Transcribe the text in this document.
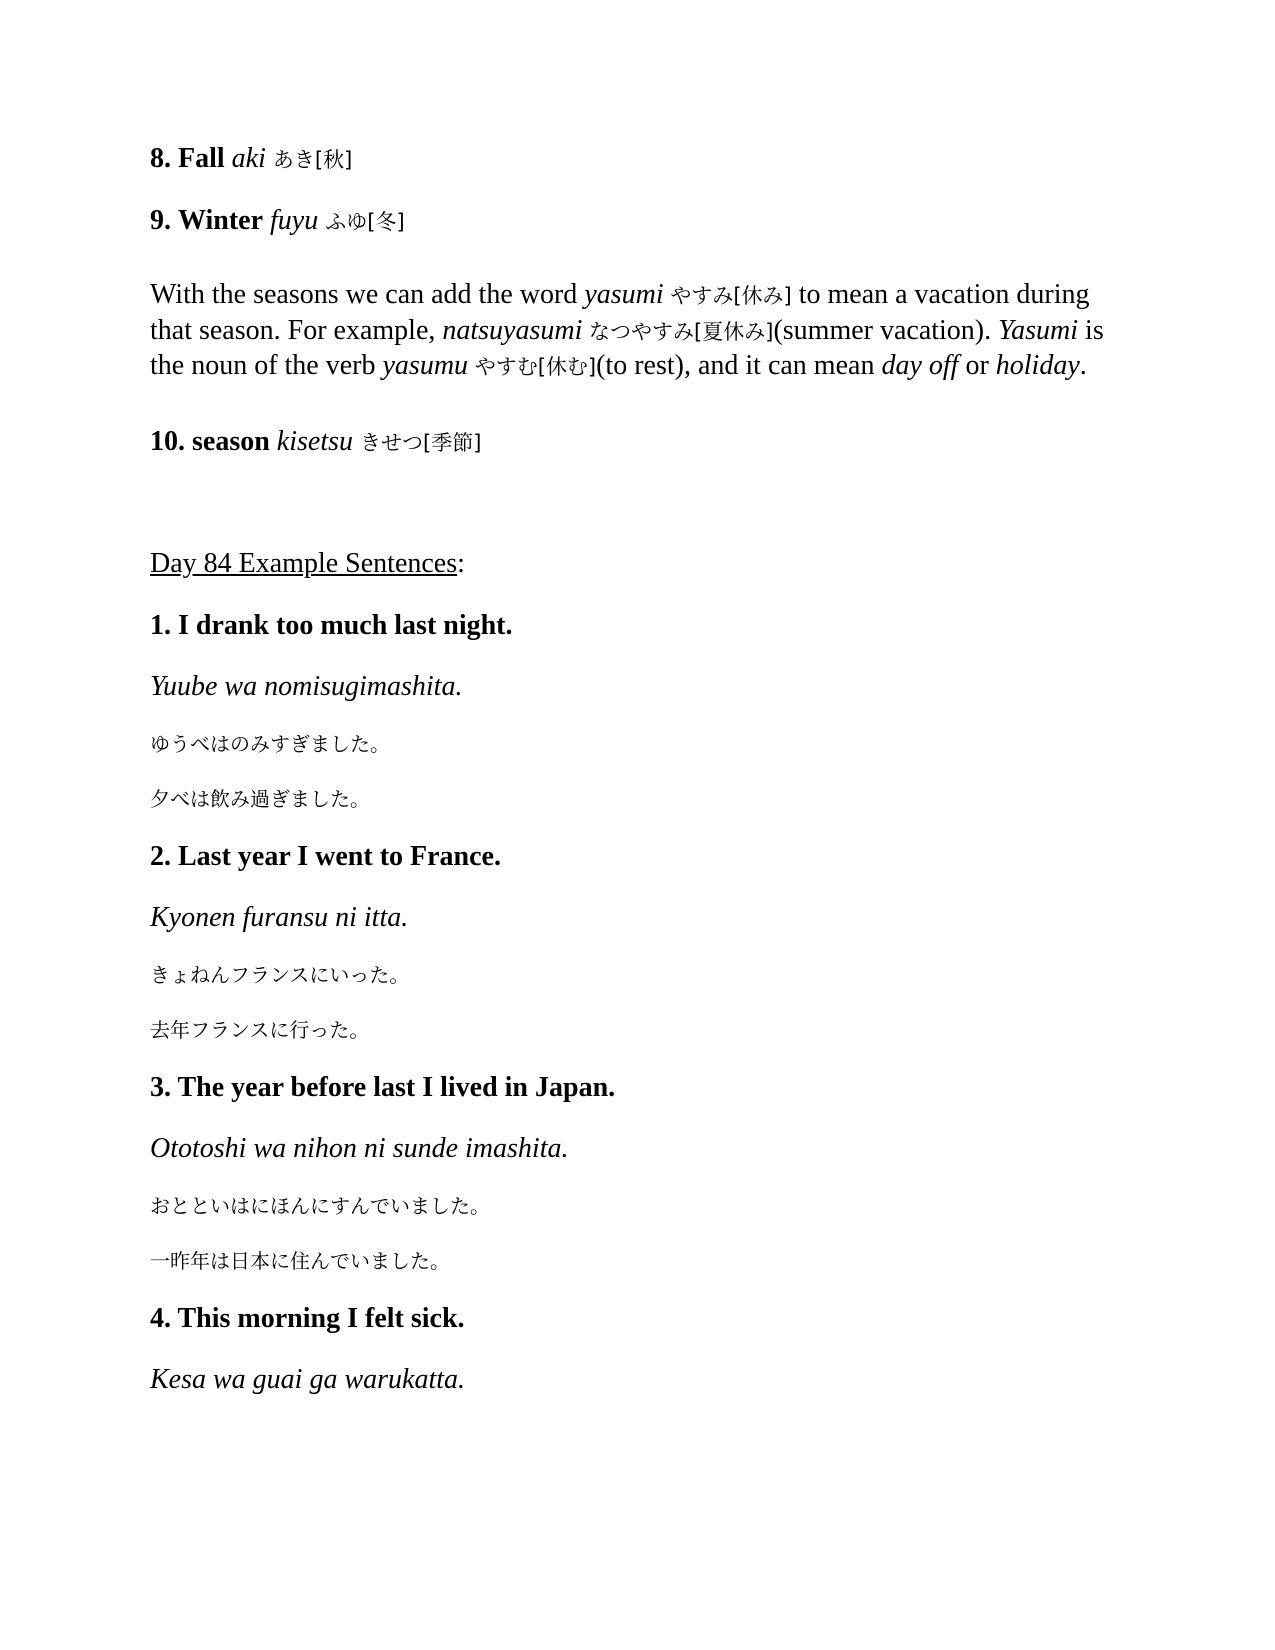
8. Fall aki あき[秋]

9. Winter fuyu ふゆ[冬]

With the seasons we can add the word yasumi やすみ[休み] to mean a vacation during that season. For example, natsuyasumi なつやすみ[夏休み](summer vacation). Yasumi is the noun of the verb yasumu やすむ[休む](to rest), and it can mean day off or holiday.

10. season kisetsu きせつ[季節]

Day 84 Example Sentences:

1. I drank too much last night.

Yuube wa nomisugimashita.

ゆうべはのみすぎました。

夕べは飲み過ぎました。

2. Last year I went to France.

Kyonen furansu ni itta.

きょねんフランスにいった。

去年フランスに行った。

3. The year before last I lived in Japan.

Ototoshi wa nihon ni sunde imashita.

おとといはにほんにすんでいました。

一昨年は日本に住んでいました。

4. This morning I felt sick.

Kesa wa guai ga warukatta.
